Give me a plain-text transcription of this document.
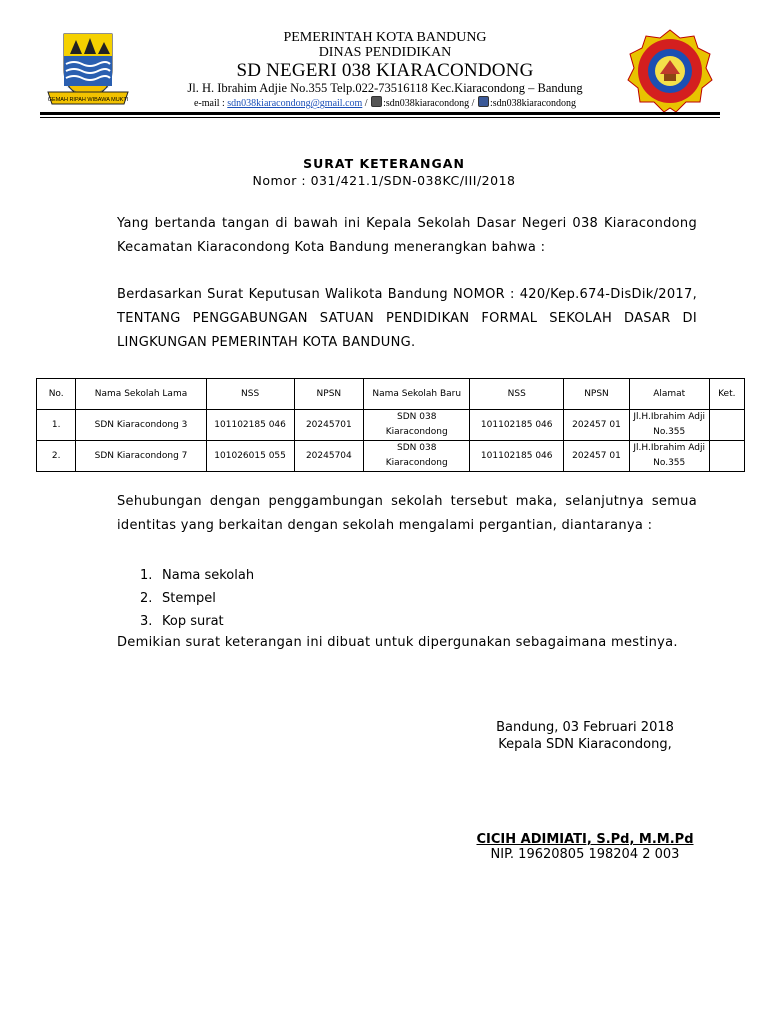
GEMAH RIPAH WIBAWA MUKTI
PEMERINTAH KOTA BANDUNG
DINAS PENDIDIKAN
SD NEGERI 038 KIARACONDONG
Jl. H. Ibrahim Adjie No.355 Telp.022-73516118 Kec.Kiaracondong – Bandung
e-mail : sdn038kiaracondong@gmail.com / :sdn038kiaracondong / :sdn038kiaracondong
SURAT KETERANGAN
Nomor : 031/421.1/SDN-038KC/III/2018
Yang bertanda tangan di bawah ini Kepala Sekolah Dasar Negeri 038 Kiaracondong Kecamatan Kiaracondong Kota Bandung menerangkan bahwa :
Berdasarkan Surat Keputusan Walikota Bandung NOMOR : 420/Kep.674-DisDik/2017, TENTANG PENGGABUNGAN SATUAN PENDIDIKAN FORMAL SEKOLAH DASAR DI LINGKUNGAN PEMERINTAH KOTA BANDUNG.
No.	Nama Sekolah Lama	NSS	NPSN	Nama Sekolah Baru	NSS	NPSN	Alamat	Ket.
1.	SDN Kiaracondong 3	101102185 046	20245701	SDN 038 Kiaracondong	101102185 046	202457 01	Jl.H.Ibrahim Adji No.355	
2.	SDN Kiaracondong 7	101026015 055	20245704	SDN 038 Kiaracondong	101102185 046	202457 01	Jl.H.Ibrahim Adji No.355	
Sehubungan dengan penggambungan sekolah tersebut maka, selanjutnya semua identitas yang berkaitan dengan sekolah mengalami pergantian, diantaranya :
1. Nama sekolah
2. Stempel
3. Kop surat
Demikian surat keterangan ini dibuat untuk dipergunakan sebagaimana mestinya.
Bandung, 03 Februari 2018
Kepala SDN Kiaracondong,
CICIH ADIMIATI, S.Pd, M.M.Pd
NIP. 19620805 198204 2 003
